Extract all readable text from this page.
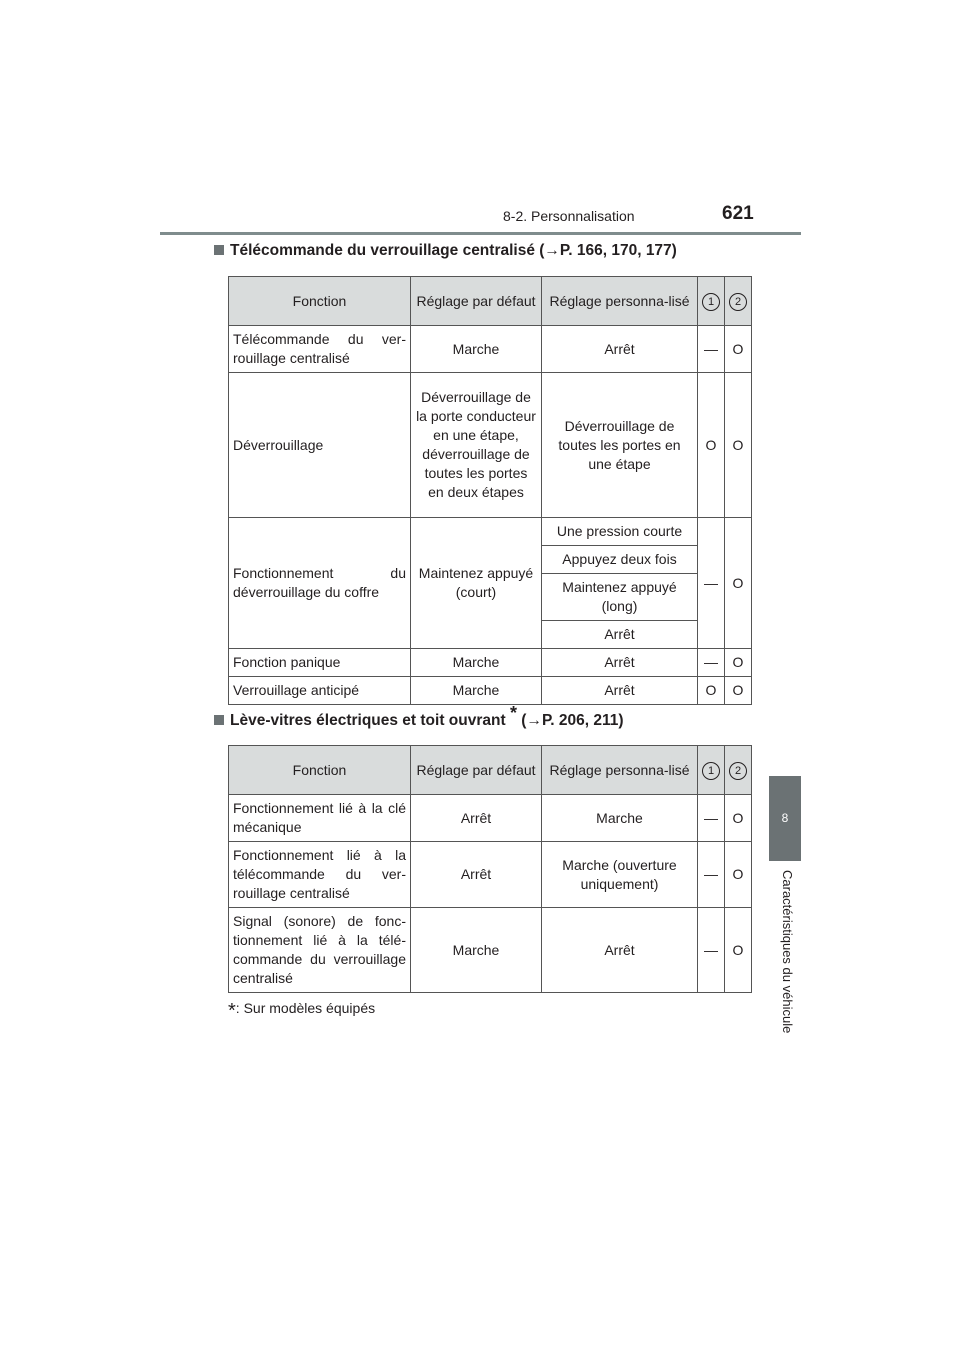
8-2. Personnalisation	621
8
Caractéristiques du véhicule
Télécommande du verrouillage centralisé (→P. 166, 170, 177)
Fonction	Réglage par défaut	Réglage personna-lisé	1	2
Télécommande du ver-rouillage centralisé	Marche	Arrêt	—	O
Déverrouillage	Déverrouillage de la porte conducteur en une étape, déverrouillage de toutes les portes en deux étapes	Déverrouillage de toutes les portes en une étape	O	O
Fonctionnement du déverrouillage du coffre	Maintenez appuyé (court)	Une pression courte	—	O
		Appuyez deux fois		
		Maintenez appuyé (long)		
		Arrêt		
Fonction panique	Marche	Arrêt	—	O
Verrouillage anticipé	Marche	Arrêt	O	O
Lève-vitres électriques et toit ouvrant * (→P. 206, 211)
Fonction	Réglage par défaut	Réglage personna-lisé	1	2
Fonctionnement lié à la clé mécanique	Arrêt	Marche	—	O
Fonctionnement lié à la télécommande du ver-rouillage centralisé	Arrêt	Marche (ouverture uniquement)	—	O
Signal (sonore) de fonc-tionnement lié à la télé-commande du verrouillage centralisé	Marche	Arrêt	—	O
*: Sur modèles équipés
